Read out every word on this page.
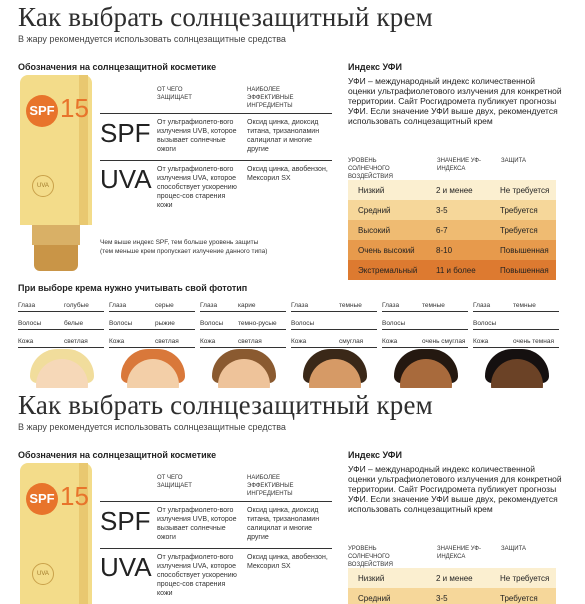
Как выбрать солнцезащитный крем
В жару рекомендуется использовать солнцезащитные средства
Обозначения на солнцезащитной косметике
SPF 15
UVA
ОТ ЧЕГО ЗАЩИЩАЕТ
НАИБОЛЕЕ ЭФФЕКТИВНЫЕ ИНГРЕДИЕНТЫ
SPF От ультрафиолето-вого излучения UVB, которое вызывает солнечные ожоги
Оксид цинка, диоксид титана, тризаноламин салицилат и многие другие
UVA От ультрафиолето-вого излучения UVA, которое способствует ускорению процес-сов старения кожи
Оксид цинка, авобензон, Мексорил SX
Чем выше индекс SPF, тем больше уровень защиты
(тем меньше крем пропускает излучение данного типа)
Индекс УФИ
УФИ – международный индекс количественной оценки ультрафиолетового излучения для конкретной территории. Сайт Росгидромета публикует прогнозы УФИ. Если значение УФИ выше двух, рекомендуется использовать солнцезащитный крем
УРОВЕНЬ СОЛНЕЧНОГО ВОЗДЕЙСТВИЯ
ЗНАЧЕНИЕ УФ-ИНДЕКСА
ЗАЩИТА
Низкий	2 и менее	Не требуется
Средний	3-5	Требуется
Высокий	6-7	Требуется
Очень высокий	8-10	Повышенная
Экстремальный 11 и более	Повышенная
При выборе крема нужно учитывать свой фототип
Глаза	голубые
Волосы	белые
Кожа	светлая
Глаза	серые
Волосы	рыжие
Кожа	светлая
Глаза	карие
Волосы темно-русые
Кожа	светлая
Глаза	темные
Волосы
Кожа	смуглая
Глаза	темные
Волосы
Кожа	очень смуглая
Глаза	темные
Волосы
Кожа	очень темная
Как выбрать солнцезащитный крем
В жару рекомендуется использовать солнцезащитные средства
Обозначения на солнцезащитной косметике
SPF 15
UVA
ОТ ЧЕГО ЗАЩИЩАЕТ
НАИБОЛЕЕ ЭФФЕКТИВНЫЕ ИНГРЕДИЕНТЫ
SPF От ультрафиолето-вого излучения UVB, которое вызывает солнечные ожоги
Оксид цинка, диоксид титана, тризаноламин салицилат и многие другие
UVA От ультрафиолето-вого излучения UVA, которое способствует ускорению процес-сов старения кожи
Оксид цинка, авобензон, Мексорил SX
Индекс УФИ
УФИ – международный индекс количественной оценки ультрафиолетового излучения для конкретной территории. Сайт Росгидромета публикует прогнозы УФИ. Если значение УФИ выше двух, рекомендуется использовать солнцезащитный крем
УРОВЕНЬ СОЛНЕЧНОГО ВОЗДЕЙСТВИЯ
ЗНАЧЕНИЕ УФ-ИНДЕКСА
ЗАЩИТА
Низкий	2 и менее	Не требуется
Средний	3-5	Требуется
